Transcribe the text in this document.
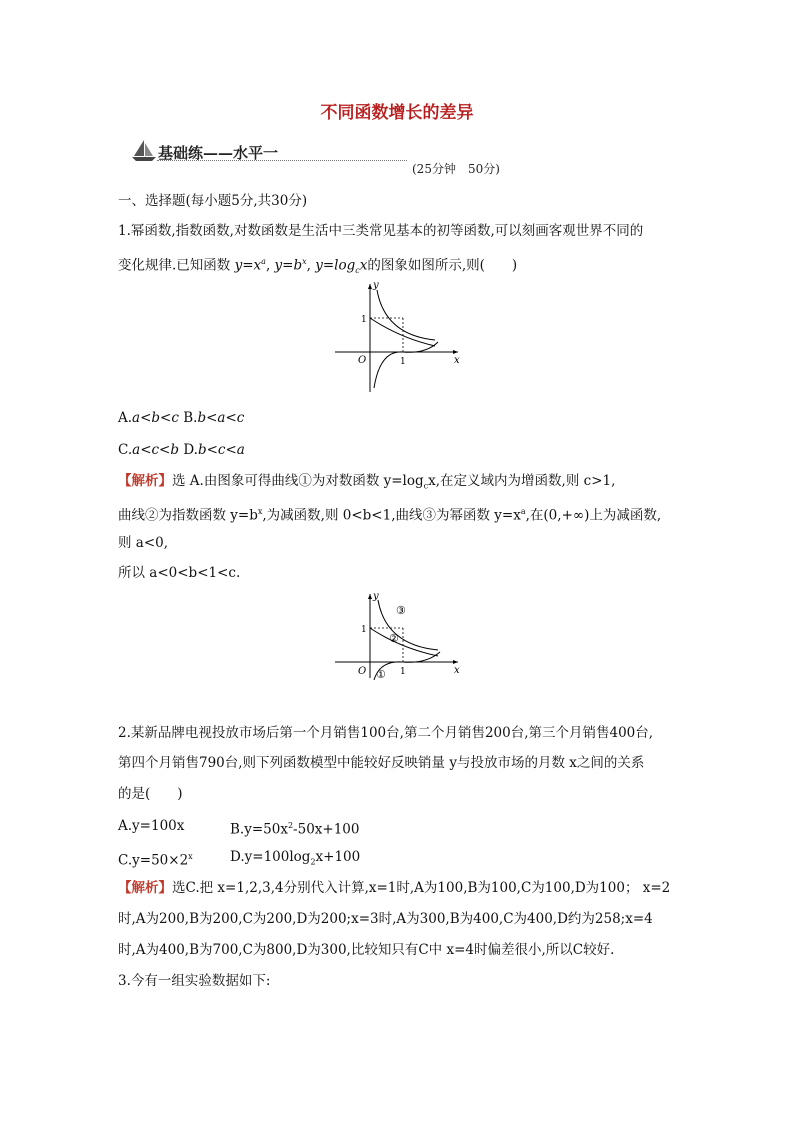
不同函数增长的差异
基础练——水平一
(25分钟　50分)
一、选择题(每小题5分,共30分)
1.幂函数,指数函数,对数函数是生活中三类常见基本的初等函数,可以刻画客观世界不同的
变化规律.已知函数 $y=x^a$, $y=b^x$, $y=\log_cx$的图象如图所示,则(　　)
y
x
O	1
1
A.a<b<c B.b<a<c
C.a<c<b D.b<c<a
【解析】选 A.由图象可得曲线①为对数函数 $y=\log_cx$,在定义域内为增函数,则 c>1,
曲线②为指数函数 $y=b^x$,为减函数,则 0<b<1,曲线③为幂函数 $y=x^a$,在(0,+∞)上为减函数,
则 a<0,
所以 a<0<b<1<c.
y
x
O	1
1
①
②
③
2.某新品牌电视投放市场后第一个月销售100台,第二个月销售200台,第三个月销售400台,
第四个月销售790台,则下列函数模型中能较好反映销量 y与投放市场的月数 x之间的关系
的是(　　)
A.y=100x	$B.y=50x^2-50x+100$
$C.y=50\times 2^x$	$D.y=100\log_2x+100$
【解析】选C.把 x=1,2,3,4分别代入计算,x=1时,A为100,B为100,C为100,D为100； x=2
时,A为200,B为200,C为200,D为200;x=3时,A为300,B为400,C为400,D约为258;x=4
时,A为400,B为700,C为800,D为300,比较知只有C中 x=4时偏差很小,所以C较好.
3.今有一组实验数据如下:
